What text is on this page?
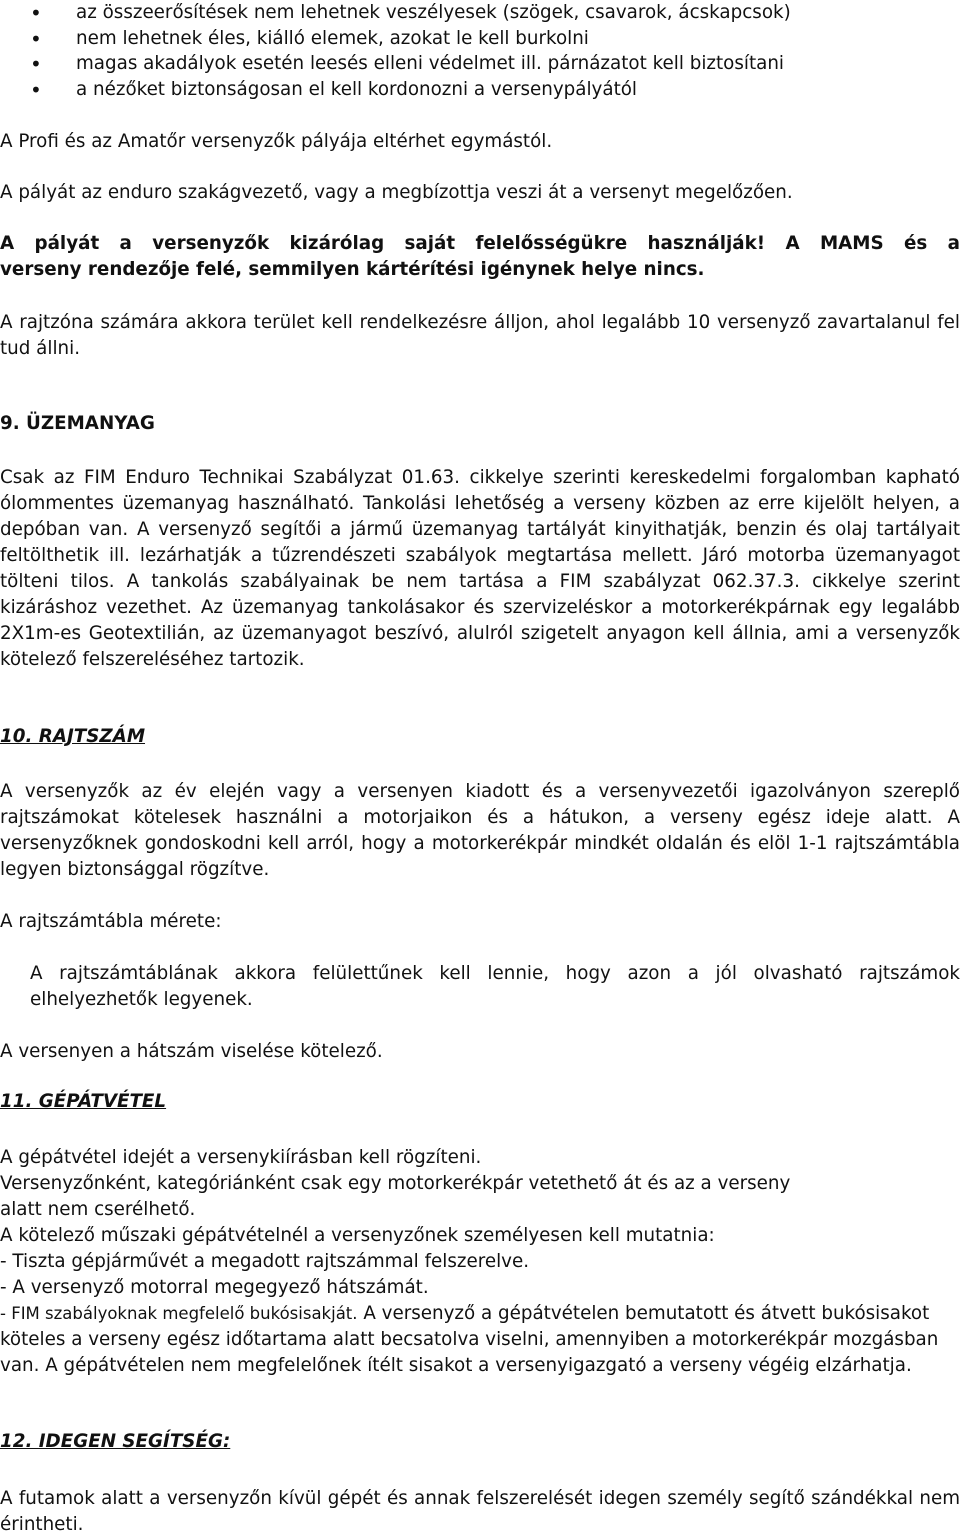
• az összeerősítések nem lehetnek veszélyesek (szögek, csavarok, ácskapcsok)
• nem lehetnek éles, kiálló elemek, azokat le kell burkolni
• magas akadályok esetén leesés elleni védelmet ill. párnázatot kell biztosítani
• a nézőket biztonságosan el kell kordonozni a versenypályától

A Profi és az Amatőr versenyzők pályája eltérhet egymástól.

A pályát az enduro szakágvezető, vagy a megbízottja veszi át a versenyt megelőzően.

A pályát a versenyzők kizárólag saját felelősségükre használják! A MAMS és a
verseny rendezője felé, semmilyen kártérítési igénynek helye nincs.

A rajtzóna számára akkora terület kell rendelkezésre álljon, ahol legalább 10 versenyző zavartalanul fel tud állni.

9. ÜZEMANYAG

Csak az FIM Enduro Technikai Szabályzat 01.63. cikkelye szerinti kereskedelmi forgalomban kapható ólommentes üzemanyag használható. Tankolási lehetőség a verseny közben az erre kijelölt helyen, a depóban van. A versenyző segítői a jármű üzemanyag tartályát kinyithatják, benzin és olaj tartályait feltölthetik ill. lezárhatják a tűzrendészeti szabályok megtartása mellett. Járó motorba üzemanyagot tölteni tilos. A tankolás szabályainak be nem tartása a FIM szabályzat 062.37.3. cikkelye szerint kizáráshoz vezethet. Az üzemanyag tankolásakor és szervizeléskor a motorkerékpárnak egy legalább 2X1m-es Geotextilián, az üzemanyagot beszívó, alulról szigetelt anyagon kell állnia, ami a versenyzők kötelező felszereléséhez tartozik.

10. RAJTSZÁM

A versenyzők az év elején vagy a versenyen kiadott és a versenyvezetői igazolványon szereplő rajtszámokat kötelesek használni a motorjaikon és a hátukon, a verseny egész ideje alatt. A versenyzőknek gondoskodni kell arról, hogy a motorkerékpár mindkét oldalán és elöl 1-1 rajtszámtábla legyen biztonsággal rögzítve.

A rajtszámtábla mérete:

A rajtszámtáblának akkora felülettűnek kell lennie, hogy azon a jól olvasható rajtszámok elhelyezhetők legyenek.

A versenyen a hátszám viselése kötelező.

11. GÉPÁTVÉTEL
A gépátvétel idejét a versenykiírásban kell rögzíteni.
Versenyzőnként, kategóriánként csak egy motorkerékpár vetethető át és az a verseny
alatt nem cserélhető.
A kötelező műszaki gépátvételnél a versenyzőnek személyesen kell mutatnia:
- Tiszta gépjárművét a megadott rajtszámmal felszerelve.
- A versenyző motorral megegyező hátszámát.
- FIM szabályoknak megfelelő bukósisakját. A versenyző a gépátvételen bemutatott és átvett bukósisakot köteles a verseny egész időtartama alatt becsatolva viselni, amennyiben a motorkerékpár mozgásban van. A gépátvételen nem megfelelőnek ítélt sisakot a versenyigazgató a verseny végéig elzárhatja.
12. IDEGEN SEGÍTSÉG:

A futamok alatt a versenyzőn kívül gépét és annak felszerelését idegen személy segítő szándékkal nem érintheti.
